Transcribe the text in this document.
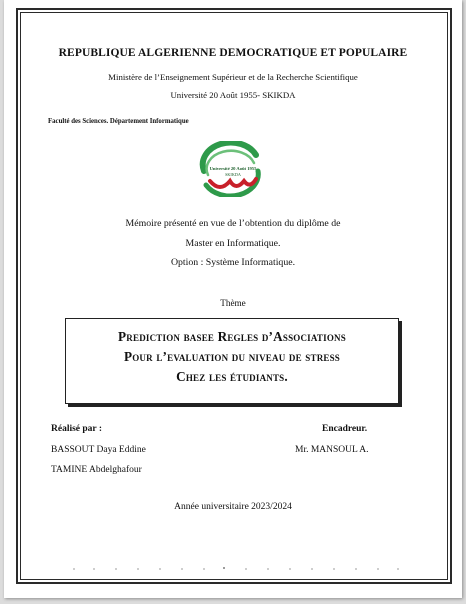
REPUBLIQUE ALGERIENNE DEMOCRATIQUE ET POPULAIRE
Ministère de l’Enseignement Supérieur et de la Recherche Scientifique
Université 20 Août 1955- SKIKDA
Faculté des Sciences. Département Informatique
Université 20 Août 1955
SKIKDA
Mémoire présenté en vue de l’obtention du diplôme de
Master en Informatique.
Option : Système Informatique.
Thème
Prediction basee Regles d’Associations
Pour l’evaluation du niveau de stress
Chez les étudiants.
Réalisé par :	Encadreur.
BASSOUT Daya Eddine	Mr. MANSOUL A.
TAMINE Abdelghafour
Année universitaire 2023/2024
